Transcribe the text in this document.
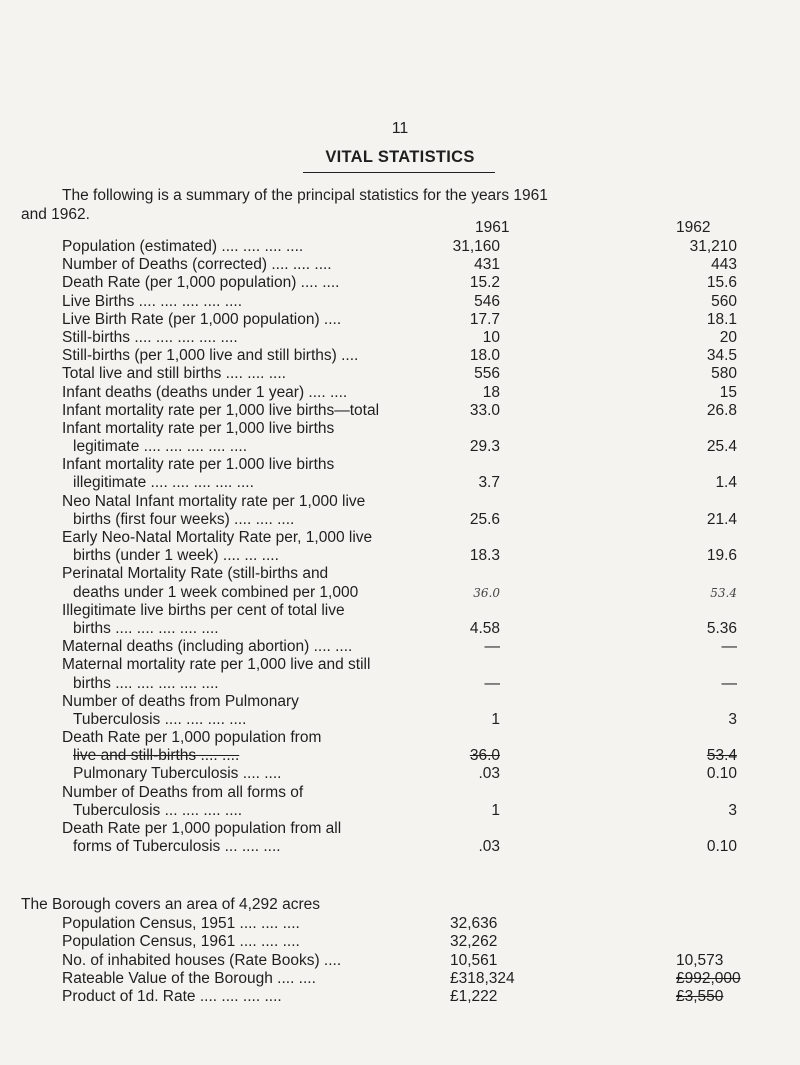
11
VITAL STATISTICS
The following is a summary of the principal statistics for the years 1961
and 1962.
1961	1962
Population (estimated) .... .... .... ....	31,160	31,210
Number of Deaths (corrected) .... .... ....	431	443
Death Rate (per 1,000 population) .... ....	15.2	15.6
Live Births .... .... .... .... ....	546	560
Live Birth Rate (per 1,000 population) ....	17.7	18.1
Still-births .... .... .... .... ....	10	20
Still-births (per 1,000 live and still births) ....	18.0	34.5
Total live and still births .... .... ....	556	580
Infant deaths (deaths under 1 year) .... ....	18	15
Infant mortality rate per 1,000 live births—total	33.0	26.8
Infant mortality rate per 1,000 live births
legitimate .... .... .... .... ....	29.3	25.4
Infant mortality rate per 1.000 live births
illegitimate .... .... .... .... ....	3.7	1.4
Neo Natal Infant mortality rate per 1,000 live
births (first four weeks) .... .... ....	25.6	21.4
Early Neo-Natal Mortality Rate per, 1,000 live
births (under 1 week) .... ... ....	18.3	19.6
Perinatal Mortality Rate (still-births and
deaths under 1 week combined per 1,000	36.0	53.4
Illegitimate live births per cent of total live
births .... .... .... .... ....	4.58	5.36
Maternal deaths (including abortion) .... ....	—	—
Maternal mortality rate per 1,000 live and still
births .... .... .... .... ....	—	—
Number of deaths from Pulmonary
Tuberculosis .... .... .... ....	1	3
Death Rate per 1,000 population from
live and still-births .... ....	36.0	53.4
Pulmonary Tuberculosis .... ....	.03	0.10
Number of Deaths from all forms of
Tuberculosis ... .... .... ....	1	3
Death Rate per 1,000 population from all
forms of Tuberculosis ... .... ....	.03	0.10
The Borough covers an area of 4,292 acres
Population Census, 1951 .... .... ....	32,636
Population Census, 1961 .... .... ....	32,262
No. of inhabited houses (Rate Books) ....	10,561	10,573
Rateable Value of the Borough .... ....	£318,324	£992,000
Product of 1d. Rate .... .... .... ....	£1,222	£3,550
